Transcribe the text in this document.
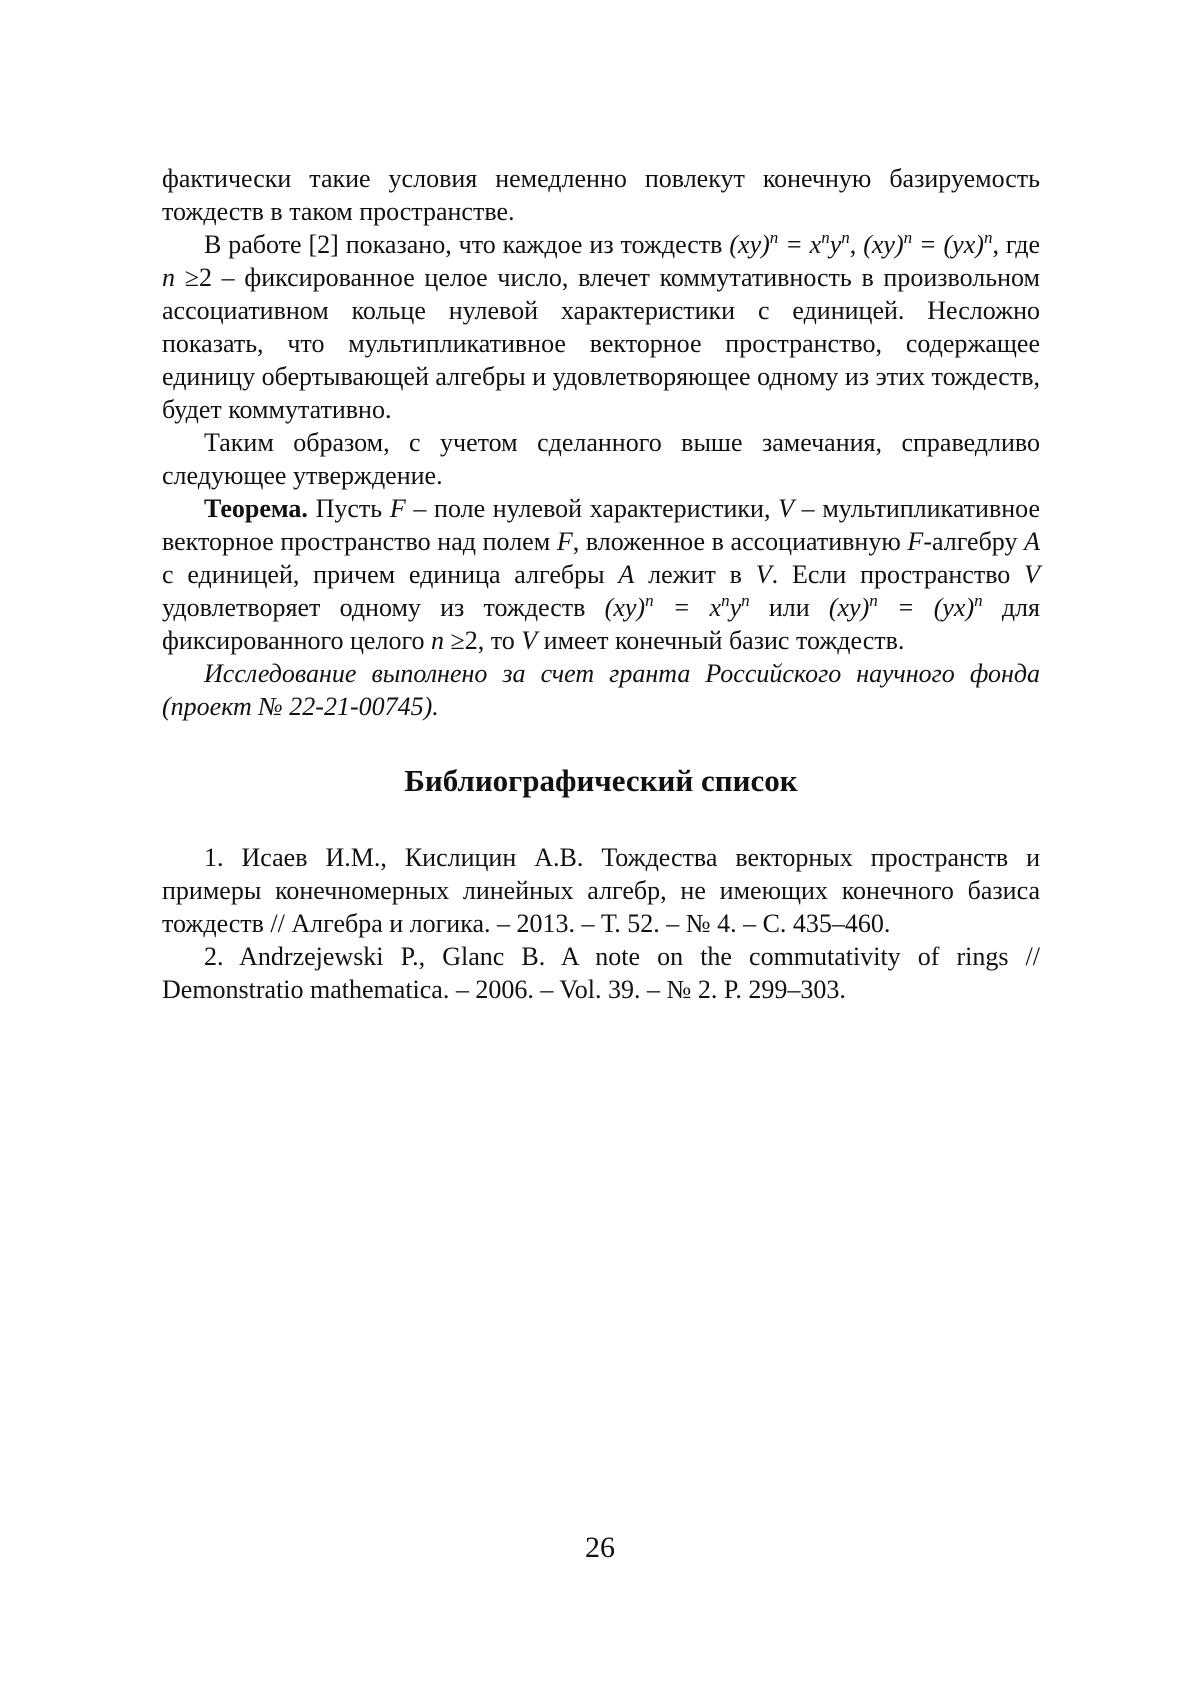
фактически такие условия немедленно повлекут конечную базируемость тождеств в таком пространстве.

В работе [2] показано, что каждое из тождеств (xy)n = xnyn, (xy)n = (yx)n, где n ≥2 – фиксированное целое число, влечет коммутативность в произвольном ассоциативном кольце нулевой характеристики с единицей. Несложно показать, что мультипликативное векторное пространство, содержащее единицу обертывающей алгебры и удовлетворяющее одному из этих тождеств, будет коммутативно.

Таким образом, с учетом сделанного выше замечания, справедливо следующее утверждение.

Теорема. Пусть F – поле нулевой характеристики, V – мультипликативное векторное пространство над полем F, вложенное в ассоциативную F-алгебру A с единицей, причем единица алгебры A лежит в V. Если пространство V удовлетворяет одному из тождеств (xy)n = xnyn или (xy)n = (yx)n для фиксированного целого n ≥2, то V имеет конечный базис тождеств.

Исследование выполнено за счет гранта Российского научного фонда (проект № 22-21-00745).

Библиографический список

1. Исаев И.М., Кислицин А.В. Тождества векторных пространств и примеры конечномерных линейных алгебр, не имеющих конечного базиса тождеств // Алгебра и логика. – 2013. – Т. 52. – № 4. – С. 435–460.

2. Andrzejewski P., Glanc B. A note on the commutativity of rings // Demonstratio mathematica. – 2006. – Vol. 39. – № 2. P. 299–303.

26
